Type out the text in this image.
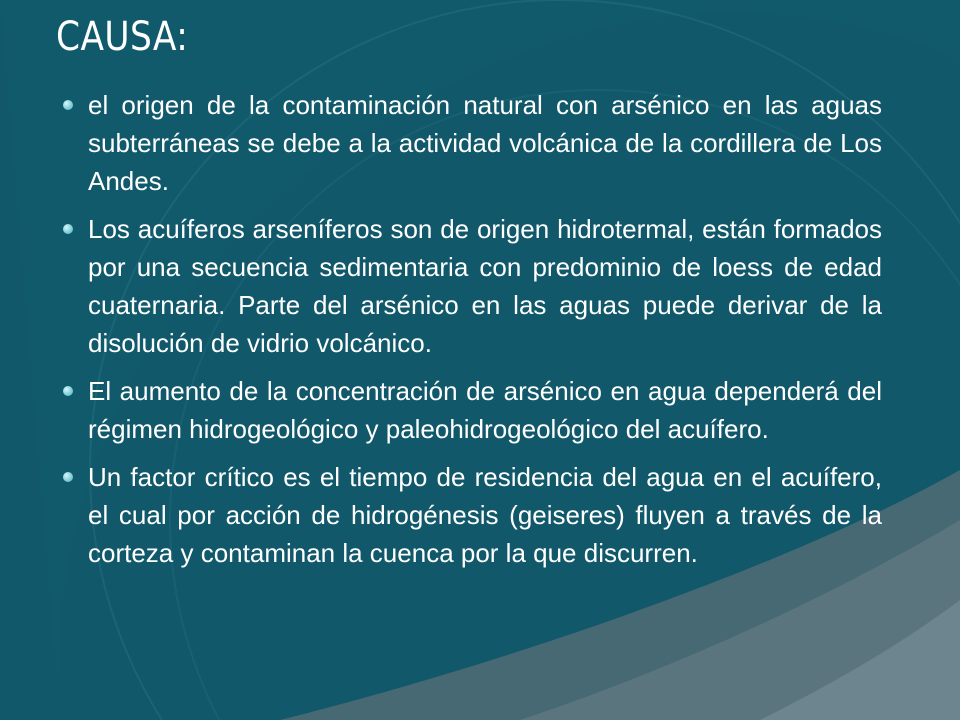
CAUSA:
el origen de la contaminación natural con arsénico en las aguas subterráneas se debe a la actividad volcánica de la cordillera de Los Andes.
Los acuíferos arseníferos son de origen hidrotermal, están formados por una secuencia sedimentaria con predominio de loess de edad cuaternaria. Parte del arsénico en las aguas puede derivar de la disolución de vidrio volcánico.
El aumento de la concentración de arsénico en agua dependerá del régimen hidrogeológico y paleohidrogeológico del acuífero.
Un factor crítico es el tiempo de residencia del agua en el acuífero, el cual por acción de hidrogénesis (geiseres) fluyen a través de la corteza y contaminan la cuenca por la que discurren.
